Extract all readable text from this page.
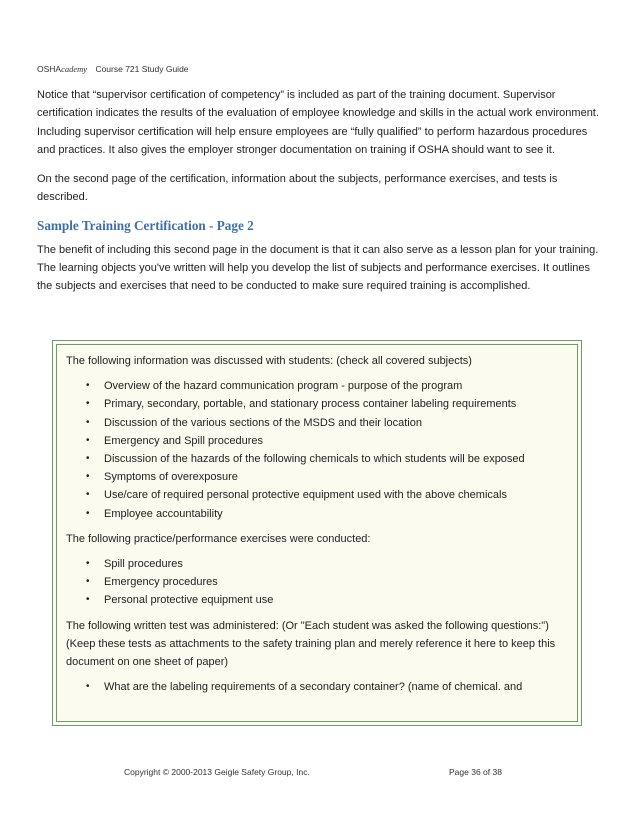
OSHAcademy Course 721 Study Guide

Notice that “supervisor certification of competency” is included as part of the training document. Supervisor certification indicates the results of the evaluation of employee knowledge and skills in the actual work environment. Including supervisor certification will help ensure employees are “fully qualified” to perform hazardous procedures and practices. It also gives the employer stronger documentation on training if OSHA should want to see it.

On the second page of the certification, information about the subjects, performance exercises, and tests is described.

Sample Training Certification - Page 2

The benefit of including this second page in the document is that it can also serve as a lesson plan for your training. The learning objects you've written will help you develop the list of subjects and performance exercises. It outlines the subjects and exercises that need to be conducted to make sure required training is accomplished.

The following information was discussed with students: (check all covered subjects)

• Overview of the hazard communication program - purpose of the program
• Primary, secondary, portable, and stationary process container labeling requirements
• Discussion of the various sections of the MSDS and their location
• Emergency and Spill procedures
• Discussion of the hazards of the following chemicals to which students will be exposed
• Symptoms of overexposure
• Use/care of required personal protective equipment used with the above chemicals
• Employee accountability

The following practice/performance exercises were conducted:

• Spill procedures
• Emergency procedures
• Personal protective equipment use

The following written test was administered: (Or "Each student was asked the following questions:") (Keep these tests as attachments to the safety training plan and merely reference it here to keep this document on one sheet of paper)

• What are the labeling requirements of a secondary container? (name of chemical. and
Copyright © 2000-2013 Geigle Safety Group, Inc.	Page 36 of 38
